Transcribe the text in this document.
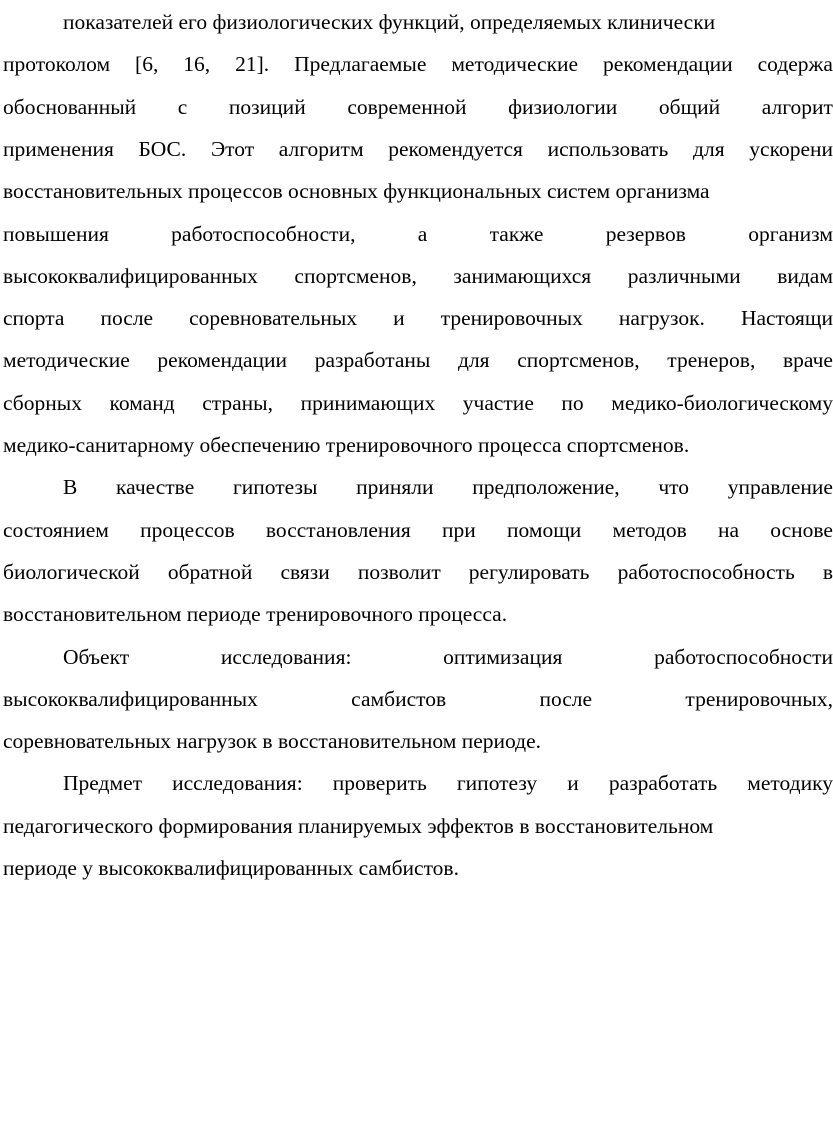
показателей его физиологических функций, определяемых клинически
протоколом [6, 16, 21]. Предлагаемые методические рекомендации содержа
обоснованный с позиций современной физиологии общий алгорит
применения БОС. Этот алгоритм рекомендуется использовать для ускорени
восстановительных процессов основных функциональных систем организма
повышения	работоспособности,	а	также	резервов	организм
высококвалифицированных спортсменов, занимающихся различными видам
спорта после соревновательных и тренировочных нагрузок. Настоящи
методические рекомендации разработаны для спортсменов, тренеров, враче
сборных команд страны, принимающих участие по медико-биологическому
медико-санитарному обеспечению тренировочного процесса спортсменов.
В качестве гипотезы приняли предположение, что управление
состоянием процессов восстановления при помощи методов на основе
биологической обратной связи позволит регулировать работоспособность в
восстановительном периоде тренировочного процесса.
Объект	исследования:	оптимизация	работоспособности
высококвалифицированных	самбистов	после	тренировочных,
соревновательных нагрузок в восстановительном периоде.
Предмет исследования: проверить гипотезу и разработать методику
педагогического формирования планируемых эффектов в восстановительном
периоде у высококвалифицированных самбистов.
